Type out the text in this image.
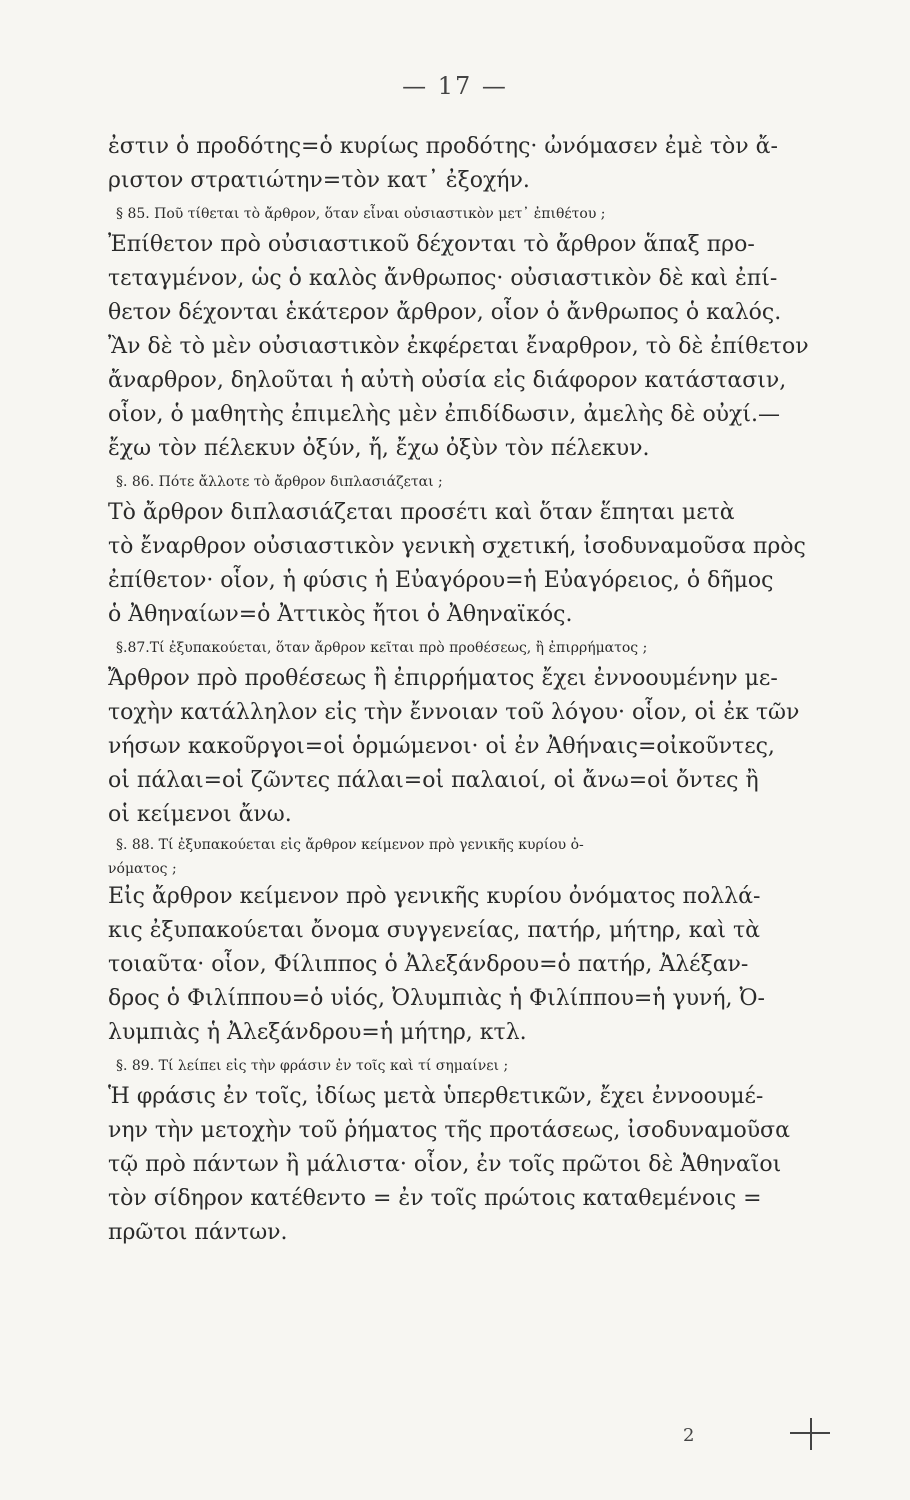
— 17 —
ἐστιν ὁ προδότης=ὁ κυρίως προδότης· ὠνόμασεν ἐμὲ τὸν ἄ-
ριστον στρατιώτην=τὸν κατ᾽ ἐξοχήν.
§ 85. Ποῦ τίθεται τὸ ἄρθρον, ὅταν εἶναι οὐσιαστικὸν μετ᾽ ἐπιθέτου ;
Ἐπίθετον πρὸ οὐσιαστικοῦ δέχονται τὸ ἄρθρον ἅπαξ προ-
τεταγμένον, ὡς ὁ καλὸς ἄνθρωπος· οὐσιαστικὸν δὲ καὶ ἐπί-
θετον δέχονται ἑκάτερον ἄρθρον, οἷον ὁ ἄνθρωπος ὁ καλός.
Ἂν δὲ τὸ μὲν οὐσιαστικὸν ἐκφέρεται ἔναρθρον, τὸ δὲ ἐπίθετον
ἄναρθρον, δηλοῦται ἡ αὐτὴ οὐσία εἰς διάφορον κατάστασιν,
οἷον, ὁ μαθητὴς ἐπιμελὴς μὲν ἐπιδίδωσιν, ἀμελὴς δὲ οὐχί.—
ἔχω τὸν πέλεκυν ὀξύν, ἤ, ἔχω ὀξὺν τὸν πέλεκυν.
§. 86. Πότε ἄλλοτε τὸ ἄρθρον διπλασιάζεται ;
Τὸ ἄρθρον διπλασιάζεται προσέτι καὶ ὅταν ἕπηται μετὰ
τὸ ἔναρθρον οὐσιαστικὸν γενικὴ σχετική, ἰσοδυναμοῦσα πρὸς
ἐπίθετον· οἷον, ἡ φύσις ἡ Εὐαγόρου=ἡ Εὐαγόρειος, ὁ δῆμος
ὁ Ἀθηναίων=ὁ Ἀττικὸς ἤτοι ὁ Ἀθηναϊκός.
§.87.Τί ἐξυπακούεται, ὅταν ἄρθρον κεῖται πρὸ προθέσεως, ἢ ἐπιρρήματος ;
Ἄρθρον πρὸ προθέσεως ἢ ἐπιρρήματος ἔχει ἐννοουμένην με-
τοχὴν κατάλληλον εἰς τὴν ἔννοιαν τοῦ λόγου· οἷον, οἱ ἐκ τῶν
νήσων κακοῦργοι=οἱ ὁρμώμενοι· οἱ ἐν Ἀθήναις=οἰκοῦντες,
οἱ πάλαι=οἱ ζῶντες πάλαι=οἱ παλαιοί, οἱ ἄνω=οἱ ὄντες ἢ
οἱ κείμενοι ἄνω.
§. 88. Τί ἐξυπακούεται εἰς ἄρθρον κείμενον πρὸ γενικῆς κυρίου ὀ-
νόματος ;
Εἰς ἄρθρον κείμενον πρὸ γενικῆς κυρίου ὀνόματος πολλά-
κις ἐξυπακούεται ὄνομα συγγενείας, πατήρ, μήτηρ, καὶ τὰ
τοιαῦτα· οἷον, Φίλιππος ὁ Ἀλεξάνδρου=ὁ πατήρ, Ἀλέξαν-
δρος ὁ Φιλίππου=ὁ υἱός, Ὀλυμπιὰς ἡ Φιλίππου=ἡ γυνή, Ὀ-
λυμπιὰς ἡ Ἀλεξάνδρου=ἡ μήτηρ, κτλ.
§. 89. Τί λείπει εἰς τὴν φράσιν ἐν τοῖς καὶ τί σημαίνει ;
Ἡ φράσις ἐν τοῖς, ἰδίως μετὰ ὑπερθετικῶν, ἔχει ἐννοουμέ-
νην τὴν μετοχὴν τοῦ ῥήματος τῆς προτάσεως, ἰσοδυναμοῦσα
τῷ πρὸ πάντων ἢ μάλιστα· οἷον, ἐν τοῖς πρῶτοι δὲ Ἀθηναῖοι
τὸν σίδηρον κατέθεντο = ἐν τοῖς πρώτοις καταθεμένοις =
πρῶτοι πάντων.
2
